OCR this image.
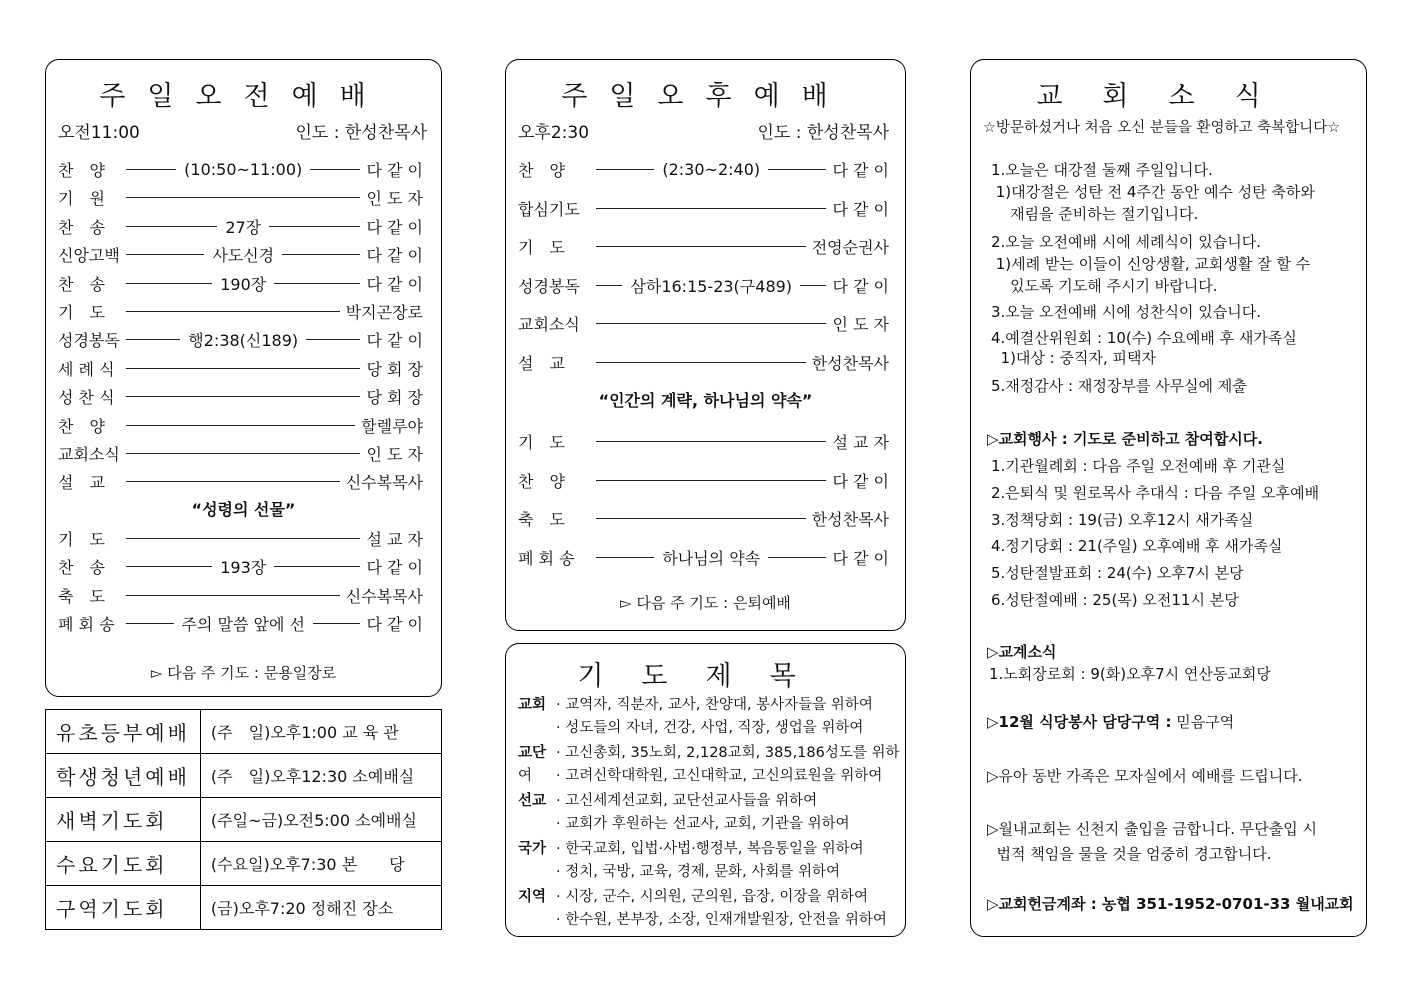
주일오전예배
오전11:00	인도 : 한성찬목사
찬　양	(10:50~11:00)	다 같 이
기　원	인 도 자
찬　송	27장	다 같 이
신앙고백	사도신경	다 같 이
찬　송	190장	다 같 이
기　도	박지곤장로
성경봉독	행2:38(신189)	다 같 이
세 례 식	당 회 장
성 찬 식	당 회 장
찬　양	할렐루야
교회소식	인 도 자
설　교	신수복목사
“성령의 선물”
기　도	설 교 자
찬　송	193장	다 같 이
축　도	신수복목사
폐 회 송	주의 말씀 앞에 선	다 같 이
▻ 다음 주 기도 : 문용일장로
유초등부예배	(주　일)오후1:00 교 육 관
학생청년예배	(주　일)오후12:30 소예배실
새벽기도회	(주일~금)오전5:00 소예배실
수요기도회	(수요일)오후7:30 본　　당
구역기도회	(금)오후7:20 정해진 장소
주일오후예배
오후2:30	인도 : 한성찬목사
찬　양	(2:30~2:40)	다 같 이
합심기도	다 같 이
기　도	전영순권사
성경봉독	삼하16:15-23(구489)	다 같 이
교회소식	인 도 자
설　교	한성찬목사
“인간의 계략, 하나님의 약속”
기　도	설 교 자
찬　양	다 같 이
축　도	한성찬목사
폐 회 송	하나님의 약속	다 같 이
▻ 다음 주 기도 : 은퇴예배
기도제목
교회 · 교역자, 직분자, 교사, 찬양대, 봉사자들을 위하여
· 성도들의 자녀, 건강, 사업, 직장, 생업을 위하여
교단 · 고신총회, 35노회, 2,128교회, 385,186성도를 위하여	· 고려신학대학원, 고신대학교, 고신의료원을 위하여
선교 · 고신세계선교회, 교단선교사들을 위하여
· 교회가 후원하는 선교사, 교회, 기관을 위하여
국가 · 한국교회, 입법·사법·행정부, 복음통일을 위하여
· 정치, 국방, 교육, 경제, 문화, 사회를 위하여
지역 · 시장, 군수, 시의원, 군의원, 읍장, 이장을 위하여
· 한수원, 본부장, 소장, 인재개발원장, 안전을 위하여
교회소식
☆방문하셨거나 처음 오신 분들을 환영하고 축복합니다☆
1.오늘은 대강절 둘째 주일입니다.
1)대강절은 성탄 전 4주간 동안 예수 성탄 축하와
재림을 준비하는 절기입니다.
2.오늘 오전예배 시에 세례식이 있습니다.
1)세례 받는 이들이 신앙생활, 교회생활 잘 할 수
있도록 기도해 주시기 바랍니다.
3.오늘 오전예배 시에 성찬식이 있습니다.
4.예결산위원회 : 10(수) 수요예배 후 새가족실
1)대상 : 중직자, 피택자
5.재정감사 : 재정장부를 사무실에 제출
▷교회행사 : 기도로 준비하고 참여합시다.
1.기관월례회 : 다음 주일 오전예배 후 기관실
2.은퇴식 및 원로목사 추대식 : 다음 주일 오후예배
3.정책당회 : 19(금) 오후12시 새가족실
4.정기당회 : 21(주일) 오후예배 후 새가족실
5.성탄절발표회 : 24(수) 오후7시 본당
6.성탄절예배 : 25(목) 오전11시 본당
▷교계소식
1.노회장로회 : 9(화)오후7시 연산동교회당
▷12월 식당봉사 담당구역 : 믿음구역
▷유아 동반 가족은 모자실에서 예배를 드립니다.
▷월내교회는 신천지 출입을 금합니다. 무단출입 시
법적 책임을 물을 것을 엄중히 경고합니다.
▷교회헌금계좌 : 농협 351-1952-0701-33 월내교회
